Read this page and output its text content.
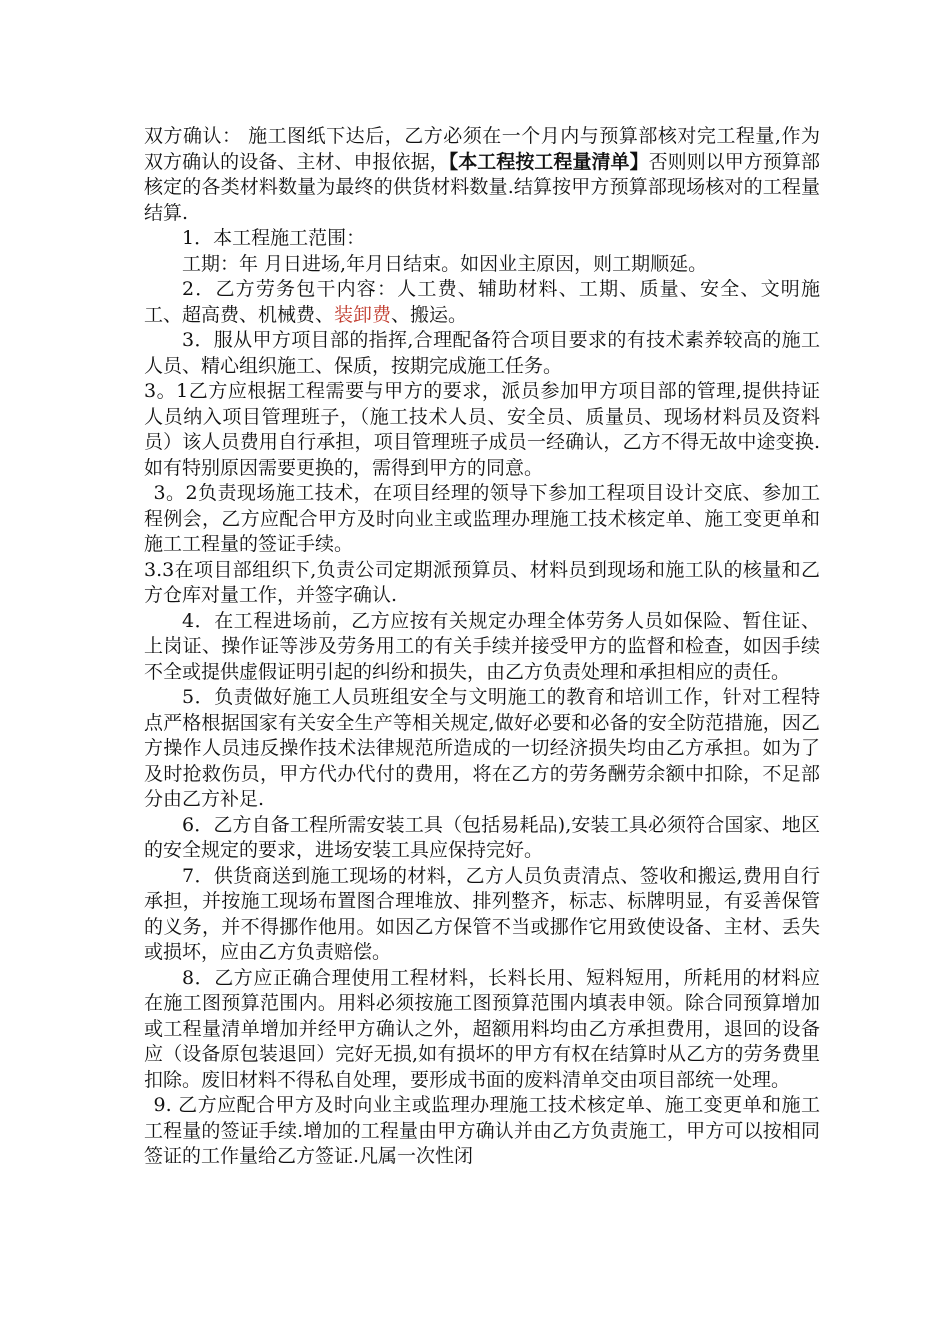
双方确认： 施工图纸下达后，乙方必须在一个月内与预算部核对完工程量,作为双方确认的设备、主材、申报依据，【本工程按工程量清单】否则则以甲方预算部核定的各类材料数量为最终的供货材料数量.结算按甲方预算部现场核对的工程量结算.

1．本工程施工范围：

工期：年 月日进场,年月日结束。如因业主原因，则工期顺延。

2．乙方劳务包干内容：人工费、辅助材料、工期、质量、安全、文明施工、超高费、机械费、装卸费、搬运。

3．服从甲方项目部的指挥,合理配备符合项目要求的有技术素养较高的施工人员、精心组织施工、保质，按期完成施工任务。

3。1乙方应根据工程需要与甲方的要求，派员参加甲方项目部的管理,提供持证人员纳入项目管理班子，（施工技术人员、安全员、质量员、现场材料员及资料员）该人员费用自行承担，项目管理班子成员一经确认，乙方不得无故中途变换.如有特别原因需要更换的，需得到甲方的同意。

3。2负责现场施工技术，在项目经理的领导下参加工程项目设计交底、参加工程例会，乙方应配合甲方及时向业主或监理办理施工技术核定单、施工变更单和施工工程量的签证手续。

3.3在项目部组织下,负责公司定期派预算员、材料员到现场和施工队的核量和乙方仓库对量工作，并签字确认.

4．在工程进场前，乙方应按有关规定办理全体劳务人员如保险、暂住证、上岗证、操作证等涉及劳务用工的有关手续并接受甲方的监督和检查，如因手续不全或提供虚假证明引起的纠纷和损失，由乙方负责处理和承担相应的责任。

5．负责做好施工人员班组安全与文明施工的教育和培训工作，针对工程特点严格根据国家有关安全生产等相关规定,做好必要和必备的安全防范措施，因乙方操作人员违反操作技术法律规范所造成的一切经济损失均由乙方承担。如为了及时抢救伤员，甲方代办代付的费用，将在乙方的劳务酬劳余额中扣除，不足部分由乙方补足.

6．乙方自备工程所需安装工具（包括易耗品),安装工具必须符合国家、地区的安全规定的要求，进场安装工具应保持完好。

7．供货商送到施工现场的材料，乙方人员负责清点、签收和搬运,费用自行承担，并按施工现场布置图合理堆放、排列整齐，标志、标牌明显，有妥善保管的义务，并不得挪作他用。如因乙方保管不当或挪作它用致使设备、主材、丢失或损坏，应由乙方负责赔偿。

8．乙方应正确合理使用工程材料，长料长用、短料短用，所耗用的材料应在施工图预算范围内。用料必须按施工图预算范围内填表申领。除合同预算增加或工程量清单增加并经甲方确认之外，超额用料均由乙方承担费用，退回的设备应（设备原包装退回）完好无损,如有损坏的甲方有权在结算时从乙方的劳务费里扣除。废旧材料不得私自处理，要形成书面的废料清单交由项目部统一处理。

9. 乙方应配合甲方及时向业主或监理办理施工技术核定单、施工变更单和施工工程量的签证手续.增加的工程量由甲方确认并由乙方负责施工，甲方可以按相同签证的工作量给乙方签证.凡属一次性闭
